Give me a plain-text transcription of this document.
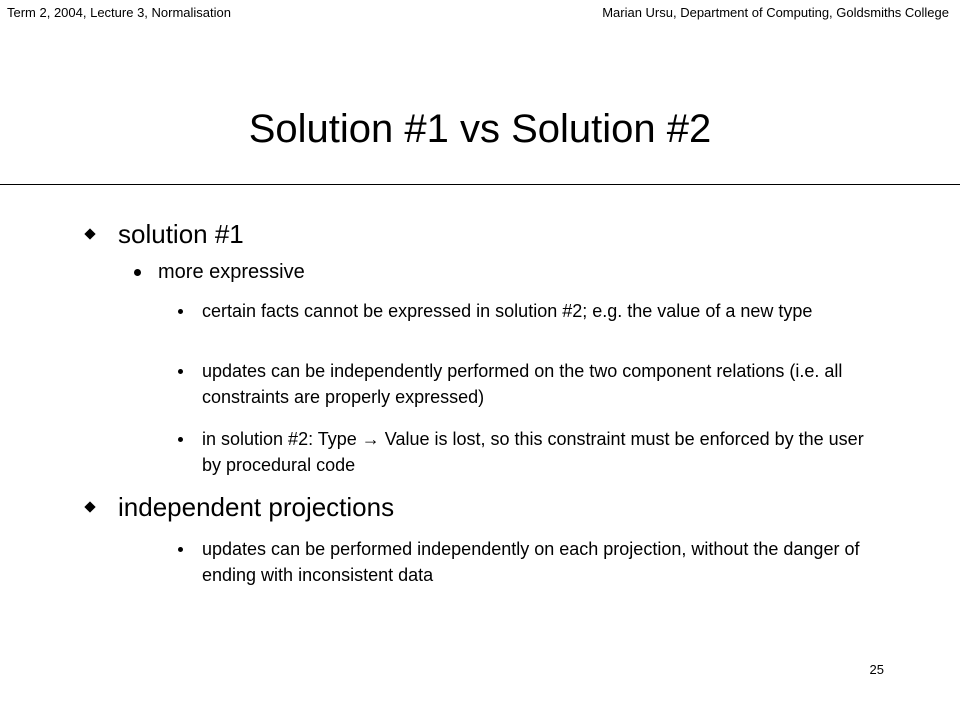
Term 2, 2004, Lecture 3, Normalisation	Marian Ursu, Department of Computing, Goldsmiths College
Solution #1 vs Solution #2
solution #1
more expressive
certain facts cannot be expressed in solution #2; e.g. the value of a new type
updates can be independently performed on the two component relations (i.e. all constraints are properly expressed)
in solution #2: Type → Value is lost, so this constraint must be enforced by the user by procedural code
independent projections
updates can be performed independently on each projection, without the danger of ending with inconsistent data
25
